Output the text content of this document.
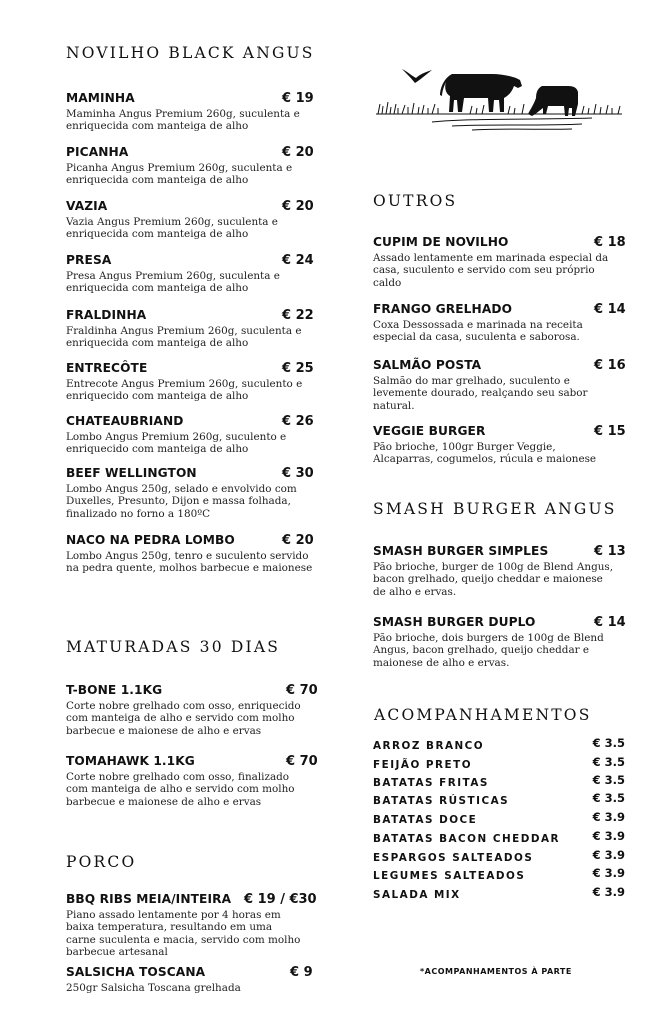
NOVILHO BLACK ANGUS
MAMINHA	€ 19
Maminha Angus Premium 260g, suculenta e
enriquecida com manteiga de alho
PICANHA	€ 20
Picanha Angus Premium 260g, suculenta e
enriquecida com manteiga de alho
VAZIA	€ 20
Vazia Angus Premium 260g, suculenta e
enriquecida com manteiga de alho
PRESA	€ 24
Presa Angus Premium 260g, suculenta e
enriquecida com manteiga de alho
FRALDINHA	€ 22
Fraldinha Angus Premium 260g, suculenta e
enriquecida com manteiga de alho
ENTRECÔTE	€ 25
Entrecote Angus Premium 260g, suculento e
enriquecido com manteiga de alho
CHATEAUBRIAND	€ 26
Lombo Angus Premium 260g, suculento e
enriquecido com manteiga de alho
BEEF WELLINGTON	€ 30
Lombo Angus 250g, selado e envolvido com
Duxelles, Presunto, Dijon e massa folhada,
finalizado no forno a 180ºC
NACO NA PEDRA LOMBO	€ 20
Lombo Angus 250g, tenro e suculento servido
na pedra quente, molhos barbecue e maionese
MATURADAS 30 DIAS
T-BONE 1.1KG	€ 70
Corte nobre grelhado com osso, enriquecido
com manteiga de alho e servido com molho
barbecue e maionese de alho e ervas
TOMAHAWK 1.1KG	€ 70
Corte nobre grelhado com osso, finalizado
com manteiga de alho e servido com molho
barbecue e maionese de alho e ervas
PORCO
BBQ RIBS MEIA/INTEIRA € 19 / €30
Piano assado lentamente por 4 horas em
baixa temperatura, resultando em uma
carne suculenta e macia, servido com molho
barbecue artesanal
SALSICHA TOSCANA	€ 9
250gr Salsicha Toscana grelhada
OUTROS
CUPIM DE NOVILHO	€ 18
Assado lentamente em marinada especial da
casa, suculento e servido com seu próprio
caldo
FRANGO GRELHADO	€ 14
Coxa Dessossada e marinada na receita
especial da casa, suculenta e saborosa.
SALMÃO POSTA	€ 16
Salmão do mar grelhado, suculento e
levemente dourado, realçando seu sabor
natural.
VEGGIE BURGER	€ 15
Pão brioche, 100gr Burger Veggie,
Alcaparras, cogumelos, rúcula e maionese
SMASH BURGER ANGUS
SMASH BURGER SIMPLES	€ 13
Pão brioche, burger de 100g de Blend Angus,
bacon grelhado, queijo cheddar e maionese
de alho e ervas.
SMASH BURGER DUPLO	€ 14
Pão brioche, dois burgers de 100g de Blend
Angus, bacon grelhado, queijo cheddar e
maionese de alho e ervas.
ACOMPANHAMENTOS
ARROZ BRANCO	€ 3.5
FEIJÃO PRETO	€ 3.5
BATATAS FRITAS	€ 3.5
BATATAS RÚSTICAS	€ 3.5
BATATAS DOCE	€ 3.9
BATATAS BACON CHEDDAR	€ 3.9
ESPARGOS SALTEADOS	€ 3.9
LEGUMES SALTEADOS	€ 3.9
SALADA MIX	€ 3.9
*ACOMPANHAMENTOS À PARTE
